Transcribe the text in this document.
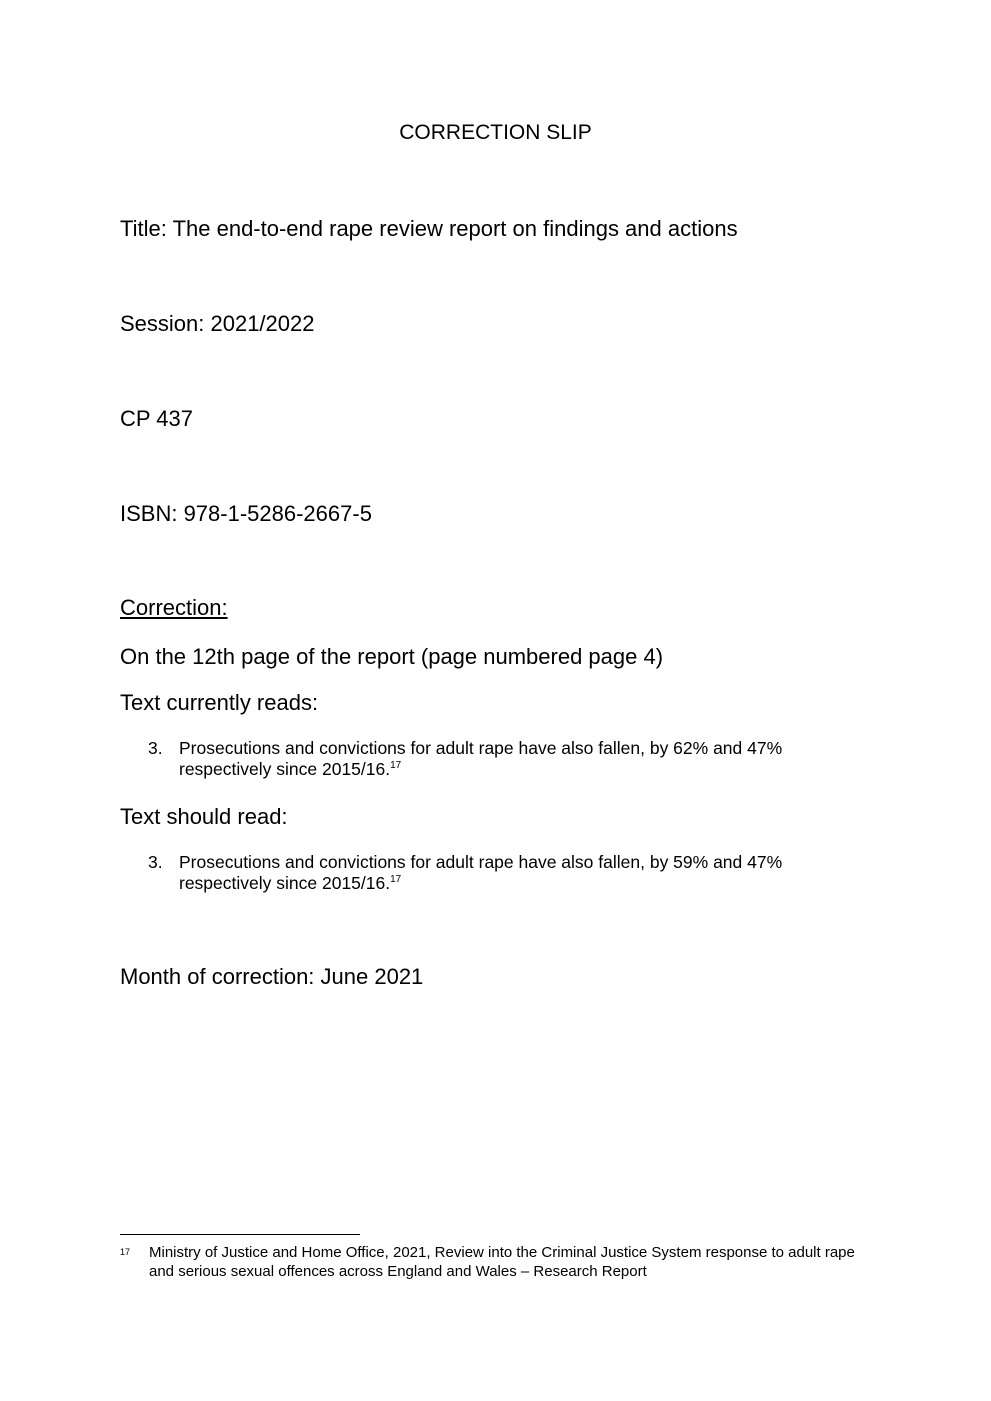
CORRECTION SLIP

Title: The end-to-end rape review report on findings and actions

Session: 2021/2022

CP 437

ISBN: 978-1-5286-2667-5

Correction:

On the 12th page of the report (page numbered page 4)

Text currently reads:

3. Prosecutions and convictions for adult rape have also fallen, by 62% and 47%
respectively since 2015/16.17

Text should read:

3. Prosecutions and convictions for adult rape have also fallen, by 59% and 47%
respectively since 2015/16.17

Month of correction: June 2021

17	Ministry of Justice and Home Office, 2021, Review into the Criminal Justice System response to adult rape and serious sexual offences across England and Wales – Research Report
